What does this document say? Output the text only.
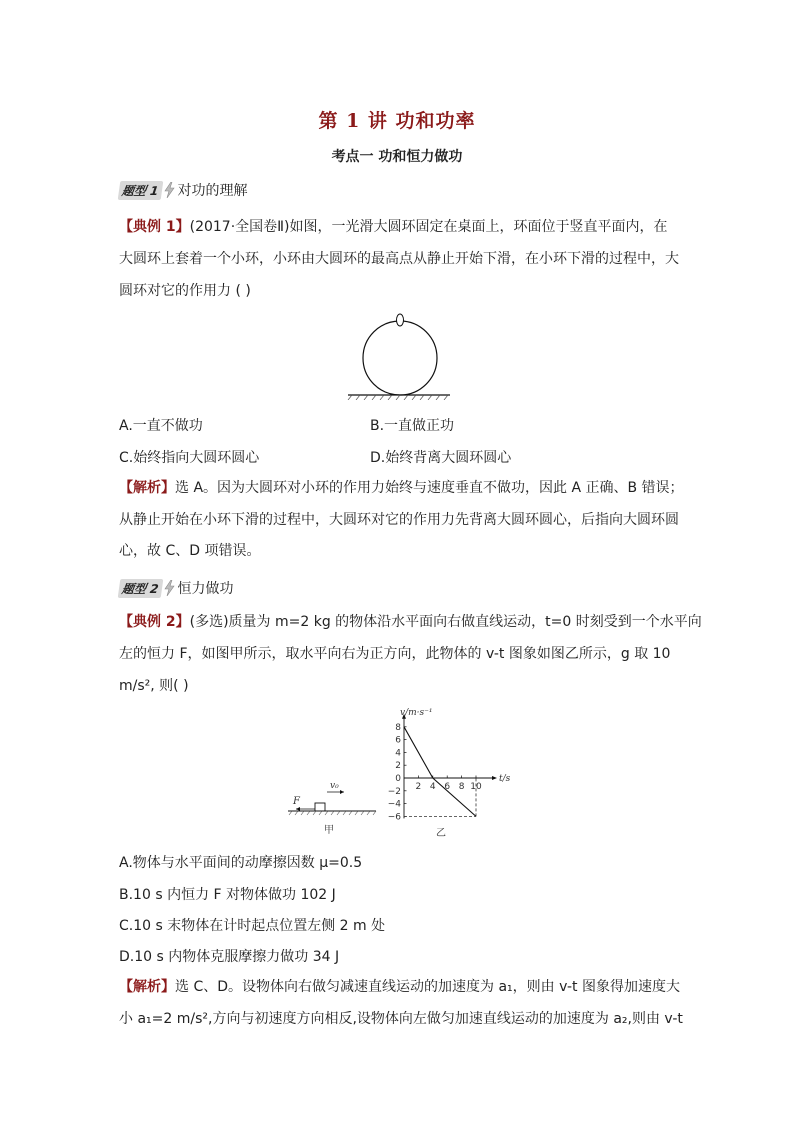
第 1 讲 功和功率
考点一 功和恒力做功
题型 1 对功的理解
【典例 1】(2017·全国卷Ⅱ)如图，一光滑大圆环固定在桌面上，环面位于竖直平面内，在
大圆环上套着一个小环，小环由大圆环的最高点从静止开始下滑，在小环下滑的过程中，大
圆环对它的作用力 ( )
A.一直不做功	B.一直做正功
C.始终指向大圆环圆心	D.始终背离大圆环圆心
【解析】选 A。因为大圆环对小环的作用力始终与速度垂直不做功，因此 A 正确、B 错误；
从静止开始在小环下滑的过程中，大圆环对它的作用力先背离大圆环圆心，后指向大圆环圆
心，故 C、D 项错误。
题型 2 恒力做功
【典例 2】(多选)质量为 m=2 kg 的物体沿水平面向右做直线运动，t=0 时刻受到一个水平向
左的恒力 F，如图甲所示，取水平向右为正方向，此物体的 v-t 图象如图乙所示，g 取 10
m/s², 则( )
v₀
F
甲
v/m·s⁻¹
t/s
8
6
4
2
0
−2
−4
−6
2 4 6 8 10
乙
A.物体与水平面间的动摩擦因数 μ=0.5
B.10 s 内恒力 F 对物体做功 102 J
C.10 s 末物体在计时起点位置左侧 2 m 处
D.10 s 内物体克服摩擦力做功 34 J
【解析】选 C、D。设物体向右做匀减速直线运动的加速度为 a₁，则由 v-t 图象得加速度大
小 a₁=2 m/s²,方向与初速度方向相反,设物体向左做匀加速直线运动的加速度为 a₂,则由 v-t
